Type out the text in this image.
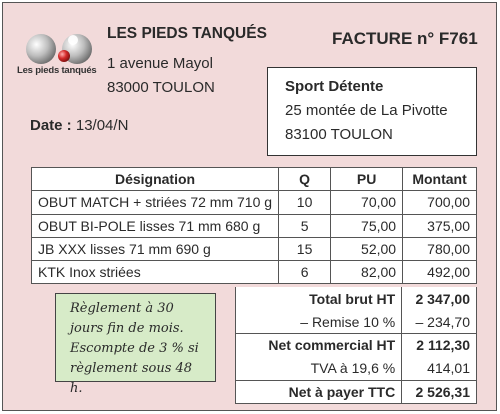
Les pieds tanqués
LES PIEDS TANQUÉS
1 avenue Mayol
83000 TOULON
FACTURE n° F761
Date : 13/04/N
Sport Détente
25 montée de La Pivotte
83100 TOULON
Désignation	Q	PU	Montant
OBUT MATCH + striées 72 mm 710 g	10	70,00	700,00
OBUT BI-POLE lisses 71 mm 680 g	5	75,00	375,00
JB XXX lisses 71 mm 690 g	15	52,00	780,00
KTK Inox striées	6	82,00	492,00
Total brut HT	2 347,00
– Remise 10 %	– 234,70
Net commercial HT	2 112,30
TVA à 19,6 %	414,01
Net à payer TTC	2 526,31
Règlement à 30 jours fin de mois. Escompte de 3 % si règlement sous 48 h.
